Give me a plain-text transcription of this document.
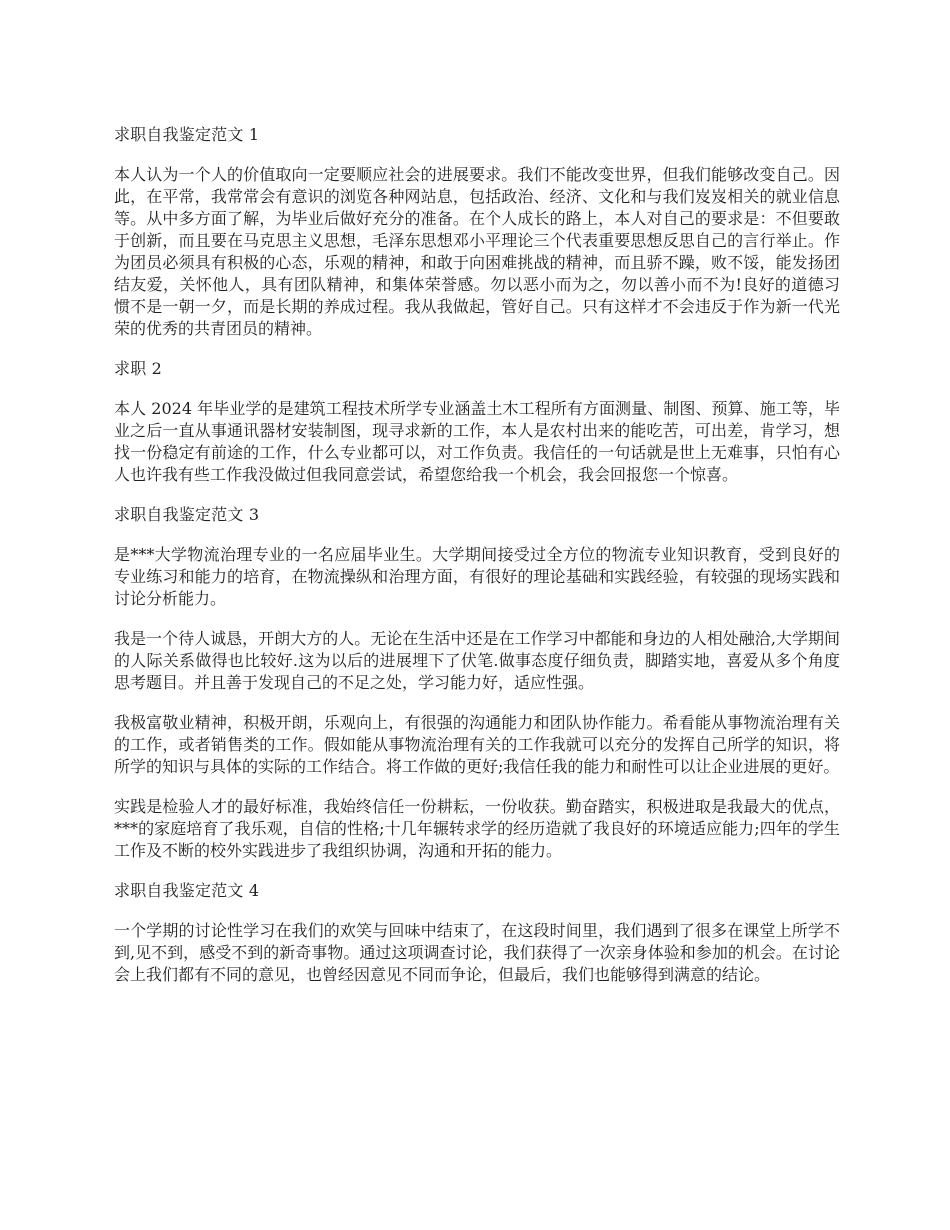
求职自我鉴定范文 1
本人认为一个人的价值取向一定要顺应社会的进展要求。我们不能改变世界，但我们能够改变自己。因此，在平常，我常常会有意识的浏览各种网站息，包括政治、经济、文化和与我们岌岌相关的就业信息等。从中多方面了解，为毕业后做好充分的准备。在个人成长的路上，本人对自己的要求是：不但要敢于创新，而且要在马克思主义思想，毛泽东思想邓小平理论三个代表重要思想反思自己的言行举止。作为团员必须具有积极的心态，乐观的精神，和敢于向困难挑战的精神，而且骄不躁，败不馁，能发扬团结友爱，关怀他人，具有团队精神，和集体荣誉感。勿以恶小而为之，勿以善小而不为!良好的道德习惯不是一朝一夕，而是长期的养成过程。我从我做起，管好自己。只有这样才不会违反于作为新一代光荣的优秀的共青团员的精神。
求职 2
本人 2024 年毕业学的是建筑工程技术所学专业涵盖土木工程所有方面测量、制图、预算、施工等，毕业之后一直从事通讯器材安装制图，现寻求新的工作，本人是农村出来的能吃苦，可出差，肯学习，想找一份稳定有前途的工作，什么专业都可以，对工作负责。我信任的一句话就是世上无难事，只怕有心人也许我有些工作我没做过但我同意尝试，希望您给我一个机会，我会回报您一个惊喜。
求职自我鉴定范文 3
是***大学物流治理专业的一名应届毕业生。大学期间接受过全方位的物流专业知识教育，受到良好的专业练习和能力的培育，在物流操纵和治理方面，有很好的理论基础和实践经验，有较强的现场实践和讨论分析能力。
我是一个待人诚恳，开朗大方的人。无论在生活中还是在工作学习中都能和身边的人相处融洽,大学期间的人际关系做得也比较好.这为以后的进展埋下了伏笔.做事态度仔细负责，脚踏实地，喜爱从多个角度思考题目。并且善于发现自己的不足之处，学习能力好，适应性强。
我极富敬业精神，积极开朗，乐观向上，有很强的沟通能力和团队协作能力。希看能从事物流治理有关的工作，或者销售类的工作。假如能从事物流治理有关的工作我就可以充分的发挥自己所学的知识，将所学的知识与具体的实际的工作结合。将工作做的更好;我信任我的能力和耐性可以让企业进展的更好。
实践是检验人才的最好标准，我始终信任一份耕耘，一份收获。勤奋踏实，积极进取是我最大的优点，***的家庭培育了我乐观，自信的性格;十几年辗转求学的经历造就了我良好的环境适应能力;四年的学生工作及不断的校外实践进步了我组织协调，沟通和开拓的能力。
求职自我鉴定范文 4
一个学期的讨论性学习在我们的欢笑与回味中结束了，在这段时间里，我们遇到了很多在课堂上所学不到,见不到，感受不到的新奇事物。通过这项调查讨论，我们获得了一次亲身体验和参加的机会。在讨论会上我们都有不同的意见，也曾经因意见不同而争论，但最后，我们也能够得到满意的结论。
